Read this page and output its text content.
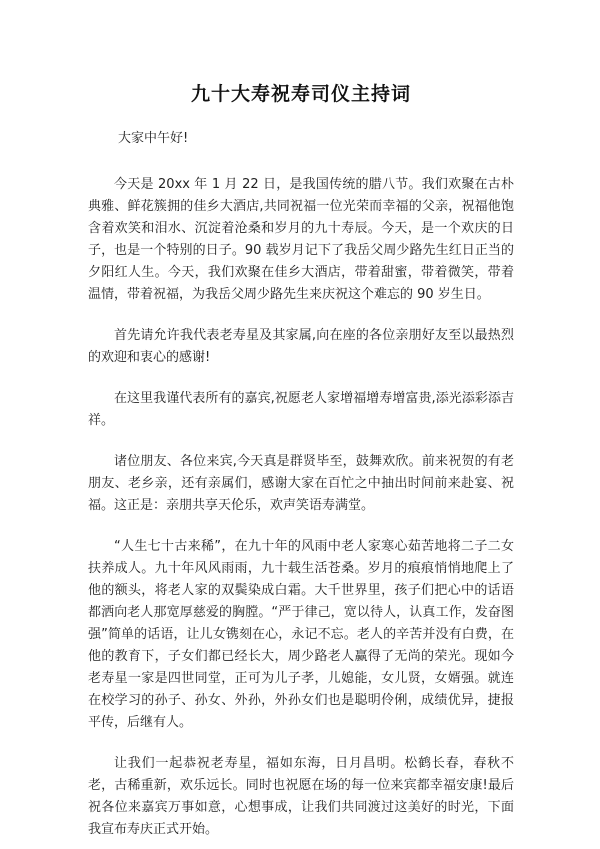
九十大寿祝寿司仪主持词

大家中午好!

今天是 20xx 年 1 月 22 日，是我国传统的腊八节。我们欢聚在古朴典雅、鲜花簇拥的佳乡大酒店,共同祝福一位光荣而幸福的父亲，祝福他饱含着欢笑和泪水、沉淀着沧桑和岁月的九十寿辰。今天，是一个欢庆的日子，也是一个特别的日子。90 载岁月记下了我岳父周少路先生红日正当的夕阳红人生。今天，我们欢聚在佳乡大酒店，带着甜蜜，带着微笑，带着温情，带着祝福，为我岳父周少路先生来庆祝这个难忘的 90 岁生日。

首先请允许我代表老寿星及其家属,向在座的各位亲朋好友至以最热烈的欢迎和衷心的感谢!

在这里我谨代表所有的嘉宾,祝愿老人家增福增寿增富贵,添光添彩添吉祥。

诸位朋友、各位来宾,今天真是群贤毕至，鼓舞欢欣。前来祝贺的有老朋友、老乡亲，还有亲属们，感谢大家在百忙之中抽出时间前来赴宴、祝福。这正是：亲朋共享天伦乐，欢声笑语寿满堂。

“人生七十古来稀”，在九十年的风雨中老人家寒心茹苦地将二子二女扶养成人。九十年风风雨雨，九十载生活苍桑。岁月的痕痕悄悄地爬上了他的额头，将老人家的双鬓染成白霜。大千世界里，孩子们把心中的话语都洒向老人那宽厚慈爱的胸膛。“严于律己，宽以待人，认真工作，发奋图强”简单的话语，让儿女镌刻在心，永记不忘。老人的辛苦并没有白费，在他的教育下，子女们都已经长大，周少路老人赢得了无尚的荣光。现如今老寿星一家是四世同堂，正可为儿子孝，儿媳能，女儿贤，女婿强。就连在校学习的孙子、孙女、外孙，外孙女们也是聪明伶俐，成绩优异，捷报平传，后继有人。

让我们一起恭祝老寿星，福如东海，日月昌明。松鹤长春，春秋不老，古稀重新，欢乐远长。同时也祝愿在场的每一位来宾都幸福安康!最后祝各位来嘉宾万事如意，心想事成，让我们共同渡过这美好的时光，下面我宣布寿庆正式开始。
